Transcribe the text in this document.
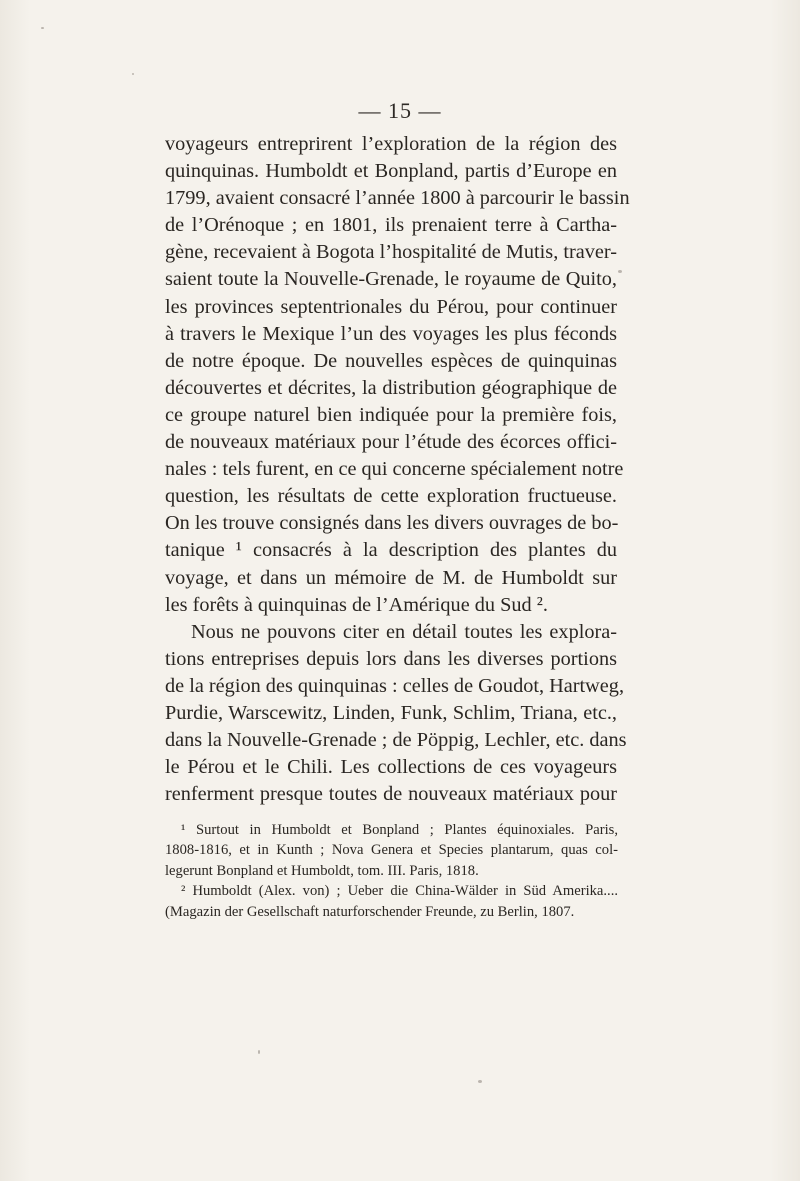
— 15 —
voyageurs entreprirent l’exploration de la région des
quinquinas. Humboldt et Bonpland, partis d’Europe en
1799, avaient consacré l’année 1800 à parcourir le bassin
de l’Orénoque ; en 1801, ils prenaient terre à Cartha-
gène, recevaient à Bogota l’hospitalité de Mutis, traver-
saient toute la Nouvelle-Grenade, le royaume de Quito,
les provinces septentrionales du Pérou, pour continuer
à travers le Mexique l’un des voyages les plus féconds
de notre époque. De nouvelles espèces de quinquinas
découvertes et décrites, la distribution géographique de
ce groupe naturel bien indiquée pour la première fois,
de nouveaux matériaux pour l’étude des écorces offici-
nales : tels furent, en ce qui concerne spécialement notre
question, les résultats de cette exploration fructueuse.
On les trouve consignés dans les divers ouvrages de bo-
tanique ¹ consacrés à la description des plantes du
voyage, et dans un mémoire de M. de Humboldt sur
les forêts à quinquinas de l’Amérique du Sud ².
Nous ne pouvons citer en détail toutes les explora-
tions entreprises depuis lors dans les diverses portions
de la région des quinquinas : celles de Goudot, Hartweg,
Purdie, Warscewitz, Linden, Funk, Schlim, Triana, etc.,
dans la Nouvelle-Grenade ; de Pöppig, Lechler, etc. dans
le Pérou et le Chili. Les collections de ces voyageurs
renferment presque toutes de nouveaux matériaux pour
¹ Surtout in Humboldt et Bonpland ; Plantes équinoxiales. Paris,
1808-1816, et in Kunth ; Nova Genera et Species plantarum, quas col-
legerunt Bonpland et Humboldt, tom. III. Paris, 1818.
² Humboldt (Alex. von) ; Ueber die China-Wälder in Süd Amerika....
(Magazin der Gesellschaft naturforschender Freunde, zu Berlin, 1807.
